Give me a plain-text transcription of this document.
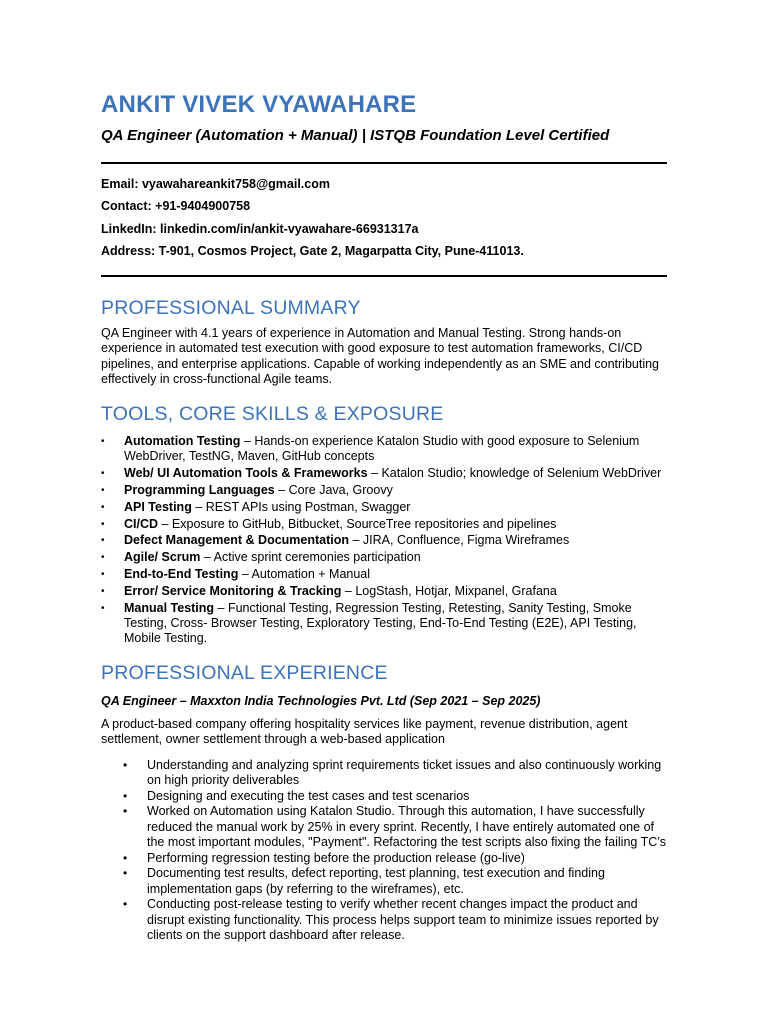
ANKIT VIVEK VYAWAHARE
QA Engineer (Automation + Manual) | ISTQB Foundation Level Certified
Email: vyawahareankit758@gmail.com
Contact: +91-9404900758
LinkedIn: linkedin.com/in/ankit-vyawahare-66931317a
Address: T-901, Cosmos Project, Gate 2, Magarpatta City, Pune-411013.
PROFESSIONAL SUMMARY

QA Engineer with 4.1 years of experience in Automation and Manual Testing. Strong hands-on experience in automated test execution with good exposure to test automation frameworks, CI/CD pipelines, and enterprise applications. Capable of working independently as an SME and contributing effectively in cross-functional Agile teams.

TOOLS, CORE SKILLS & EXPOSURE
• Automation Testing – Hands-on experience Katalon Studio with good exposure to Selenium WebDriver, TestNG, Maven, GitHub concepts
• Web/ UI Automation Tools & Frameworks – Katalon Studio; knowledge of Selenium WebDriver
• Programming Languages – Core Java, Groovy
• API Testing – REST APIs using Postman, Swagger
• CI/CD – Exposure to GitHub, Bitbucket, SourceTree repositories and pipelines
• Defect Management & Documentation – JIRA, Confluence, Figma Wireframes
• Agile/ Scrum – Active sprint ceremonies participation
• End-to-End Testing – Automation + Manual
• Error/ Service Monitoring & Tracking – LogStash, Hotjar, Mixpanel, Grafana
• Manual Testing – Functional Testing, Regression Testing, Retesting, Sanity Testing, Smoke Testing, Cross- Browser Testing, Exploratory Testing, End-To-End Testing (E2E), API Testing, Mobile Testing.
PROFESSIONAL EXPERIENCE
QA Engineer – Maxxton India Technologies Pvt. Ltd (Sep 2021 – Sep 2025)

A product-based company offering hospitality services like payment, revenue distribution, agent settlement, owner settlement through a web-based application

• Understanding and analyzing sprint requirements ticket issues and also continuously working on high priority deliverables
• Designing and executing the test cases and test scenarios
• Worked on Automation using Katalon Studio. Through this automation, I have successfully reduced the manual work by 25% in every sprint. Recently, I have entirely automated one of the most important modules, "Payment". Refactoring the test scripts also fixing the failing TC’s
• Performing regression testing before the production release (go-live)
• Documenting test results, defect reporting, test planning, test execution and finding implementation gaps (by referring to the wireframes), etc.
• Conducting post-release testing to verify whether recent changes impact the product and disrupt existing functionality. This process helps support team to minimize issues reported by clients on the support dashboard after release.
